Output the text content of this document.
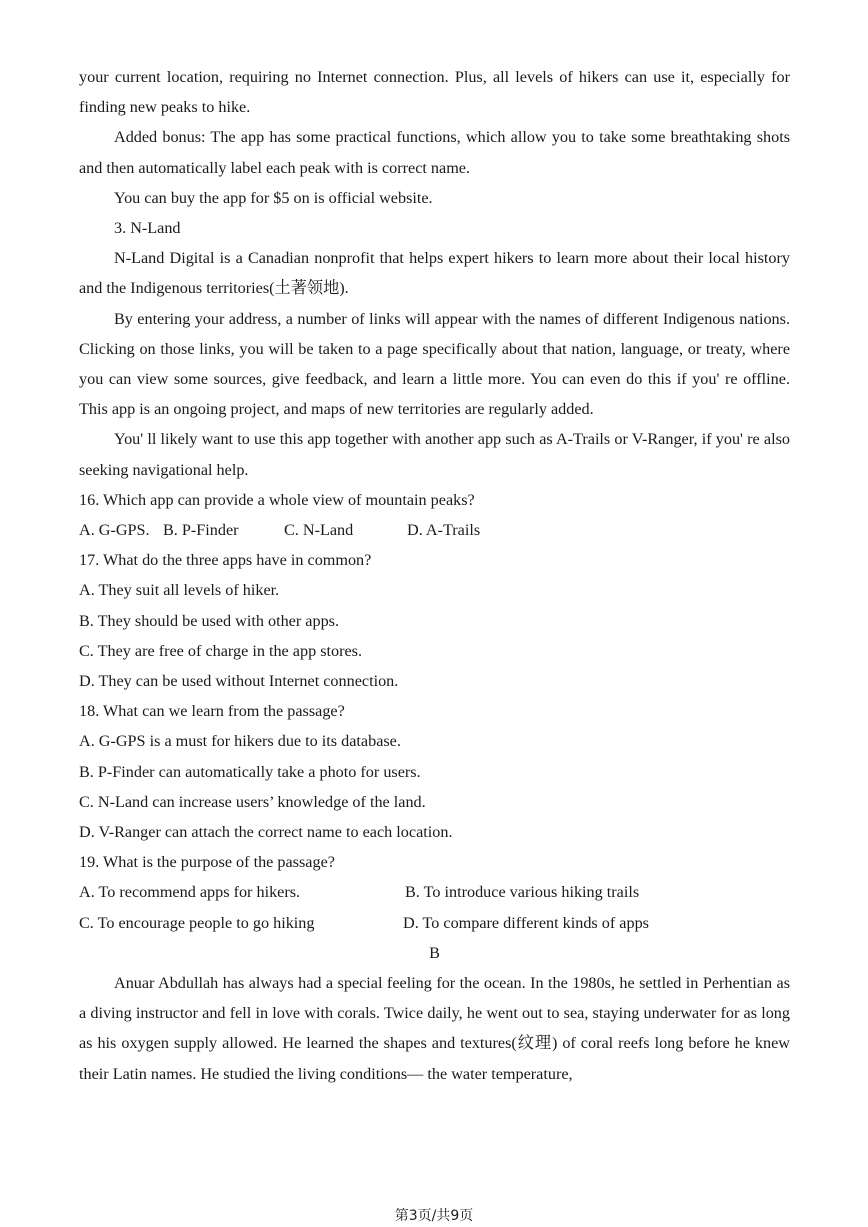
your current location, requiring no Internet connection. Plus, all levels of hikers can use it, especially for finding new peaks to hike.

Added bonus: The app has some practical functions, which allow you to take some breathtaking shots and then automatically label each peak with is correct name.

You can buy the app for $5 on is official website.

3. N-Land

N-Land Digital is a Canadian nonprofit that helps expert hikers to learn more about their local history and the Indigenous territories(土著领地).

By entering your address, a number of links will appear with the names of different Indigenous nations. Clicking on those links, you will be taken to a page specifically about that nation, language, or treaty, where you can view some sources, give feedback, and learn a little more. You can even do this if you' re offline. This app is an ongoing project, and maps of new territories are regularly added.

You' ll likely want to use this app together with another app such as A-Trails or V-Ranger, if you' re also seeking navigational help.

16. Which app can provide a whole view of mountain peaks?

A. G-GPS. B. P-Finder	C. N-Land	D. A-Trails

17. What do the three apps have in common?

A. They suit all levels of hiker.

B. They should be used with other apps.

C. They are free of charge in the app stores.

D. They can be used without Internet connection.

18. What can we learn from the passage?

A. G-GPS is a must for hikers due to its database.

B. P-Finder can automatically take a photo for users.

C. N-Land can increase users’ knowledge of the land.

D. V-Ranger can attach the correct name to each location.

19. What is the purpose of the passage?

A. To recommend apps for hikers.	B. To introduce various hiking trails
C. To encourage people to go hiking	D. To compare different kinds of apps

B

Anuar Abdullah has always had a special feeling for the ocean. In the 1980s, he settled in Perhentian as a diving instructor and fell in love with corals. Twice daily, he went out to sea, staying underwater for as long as his oxygen supply allowed. He learned the shapes and textures(纹理) of coral reefs long before he knew their Latin names. He studied the living conditions— the water temperature,

第3页/共9页
